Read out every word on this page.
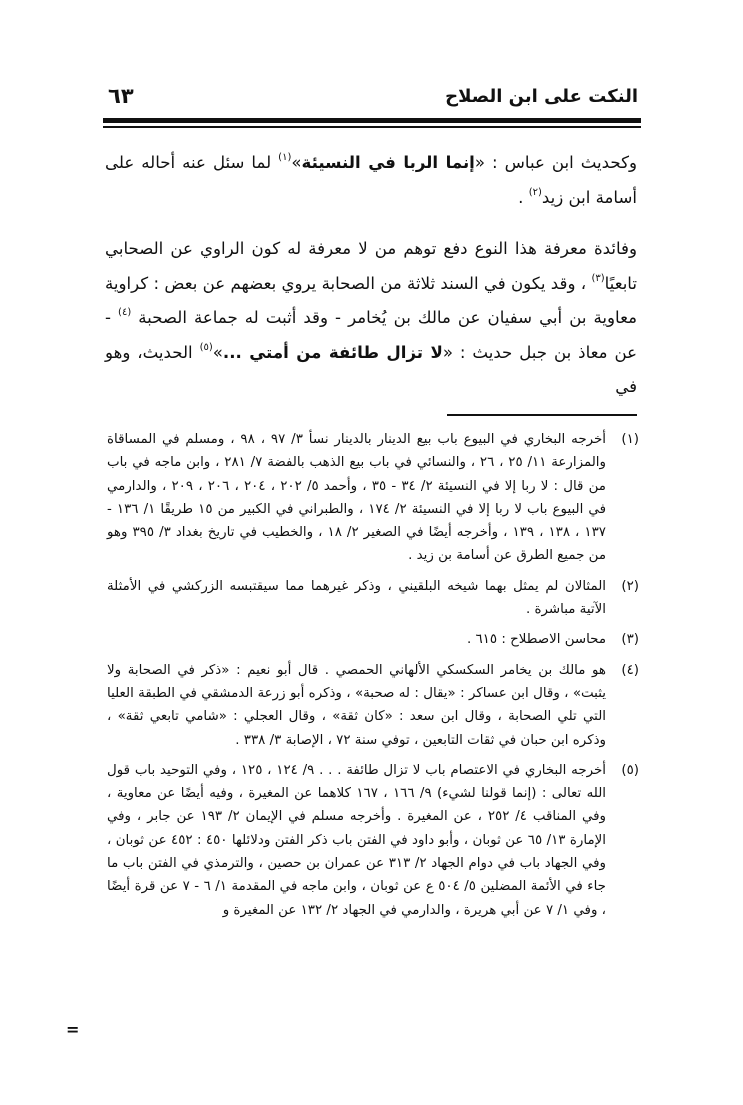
النكت على ابن الصلاح
٦٣

وكحديث ابن عباس : «إنما الربا في النسيئة»$^{(١)}$ لما سئل عنه أحاله على أسامة ابن زيد$^{(٢)}$ .

وفائدة معرفة هذا النوع دفع توهم من لا معرفة له كون الراوي عن الصحابي تابعيًا$^{(٣)}$ ، وقد يكون في السند ثلاثة من الصحابة يروي بعضهم عن بعض : كراوية معاوية بن أبي سفيان عن مالك بن يُخامر - وقد أثبت له جماعة الصحبة $^{(٤)}$ - عن معاذ بن جبل حديث : «لا تزال طائفة من أمتي ...»$^{(٥)}$ الحديث، وهو في

(١)
أخرجه البخاري في البيوع باب بيع الدينار بالدينار نسأ ٣/ ٩٧ ، ٩٨ ، ومسلم في المساقاة والمزارعة ١١/ ٢٥ ، ٢٦ ، والنسائي في باب بيع الذهب بالفضة ٧/ ٢٨١ ، وابن ماجه في باب من قال : لا ربا إلا في النسيئة ٢/ ٣٤ - ٣٥ ، وأحمد ٥/ ٢٠٢ ، ٢٠٤ ، ٢٠٦ ، ٢٠٩ ، والدارمي في البيوع باب لا ربا إلا في النسيئة ٢/ ١٧٤ ، والطبراني في الكبير من ١٥ طريقًا ١/ ١٣٦ - ١٣٧ ، ١٣٨ ، ١٣٩ ، وأخرجه أيضًا في الصغير ٢/ ١٨ ، والخطيب في تاريخ بغداد ٣/ ٣٩٥ وهو من جميع الطرق عن أسامة بن زيد .
(٢)
المثالان لم يمثل بهما شيخه البلقيني ، وذكر غيرهما مما سيقتبسه الزركشي في الأمثلة الآتية مباشرة .
(٣)
محاسن الاصطلاح : ٦١٥ .
(٤)
هو مالك بن يخامر السكسكي الألهاني الحمصي . قال أبو نعيم : «ذكر في الصحابة ولا يثبت» ، وقال ابن عساكر : «يقال : له صحبة» ، وذكره أبو زرعة الدمشقي في الطبقة العليا التي تلي الصحابة ، وقال ابن سعد : «كان ثقة» ، وقال العجلي : «شامي تابعي ثقة» ، وذكره ابن حبان في ثقات التابعين ، توفي سنة ٧٢ ، الإصابة ٣/ ٣٣٨ .
(٥)
أخرجه البخاري في الاعتصام باب لا تزال طائفة . . . ٩/ ١٢٤ ، ١٢٥ ، وفي التوحيد باب قول الله تعالى : (إنما قولنا لشيء) ٩/ ١٦٦ ، ١٦٧ كلاهما عن المغيرة ، وفيه أيضًا عن معاوية ، وفي المناقب ٤/ ٢٥٢ ، عن المغيرة . وأخرجه مسلم في الإيمان ٢/ ١٩٣ عن جابر ، وفي الإمارة ١٣/ ٦٥ عن ثوبان ، وأبو داود في الفتن باب ذكر الفتن ودلائلها ٤٥٠ : ٤٥٢ عن ثوبان ، وفي الجهاد باب في دوام الجهاد ٢/ ٣١٣ عن عمران بن حصين ، والترمذي في الفتن باب ما جاء في الأئمة المضلين ٥/ ٥٠٤ ع عن ثوبان ، وابن ماجه في المقدمة ١/ ٦ - ٧ عن قرة أيضًا ، وفي ١/ ٧ عن أبي هريرة ، والدارمي في الجهاد ٢/ ١٣٢ عن المغيرة و
=
